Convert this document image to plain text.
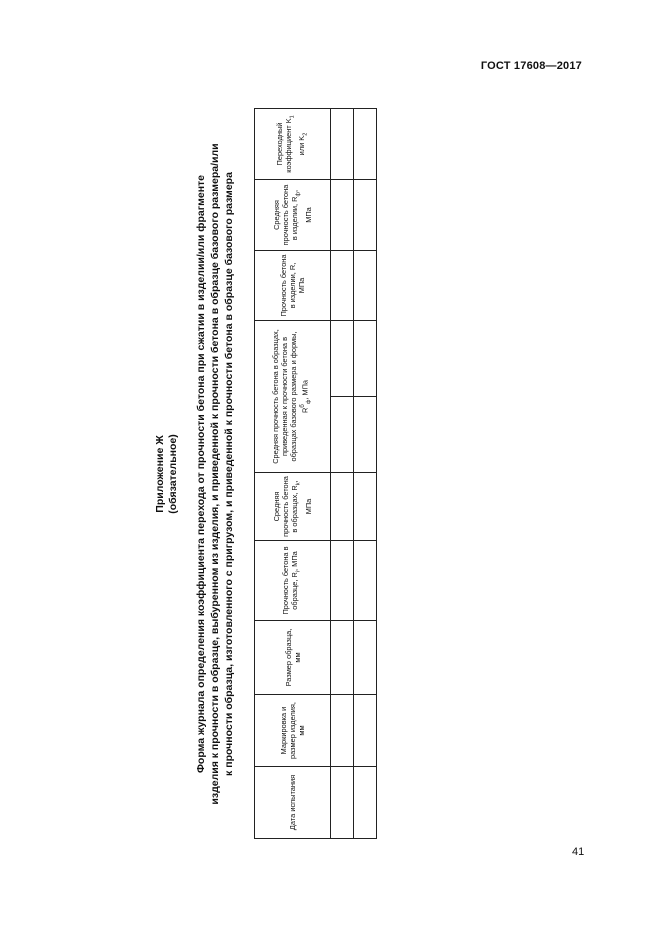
ГОСТ 17608—2017
Приложение Ж (обязательное) Форма журнала определения коэффициента перехода от прочности бетона при сжатии в изделии/или фрагменте изделия к прочности в образце, выбуренном из изделия, и приведенной к прочности бетона в образце базового размера/или к прочности образца, изготовленного с пригрузом, и приведенной к прочности бетона в образце базового размера
Дата испытания	Маркировка и размер изделия, мм	Размер образца, мм	Прочность бетона в образце, $R_i$, МПа	Средняя прочность бетона в образцах, $R_k$, МПа	Средняя прочность бетона в образцах, приведенная к прочности бетона в образцах базового размера и формы, $R^б_ф$, МПа		Прочность бетона в изделии, R, МПа	Средняя прочность бетона в изделии, $R_ф$, МПа	Переходный коэффициент $K_1$ или $K_2$

41
